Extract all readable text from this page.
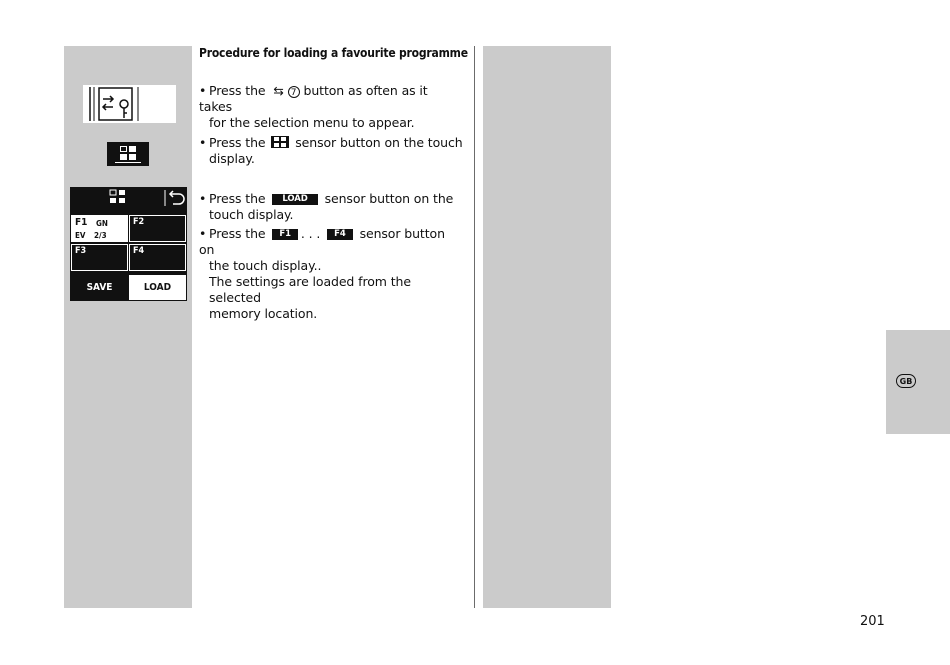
F1 GN
EV 2/3
F2
F3	F4
SAVE	LOAD
Procedure for loading a favourite programme
• Press the ⇆ 7 button as often as it takes
for the selection menu to appear.
• Press the sensor button on the touch
display.
• Press the LOAD sensor button on the
touch display.
• Press the F1 . . . F4 sensor button on
the touch display..
The settings are loaded from the selected
memory location.
GB
201
